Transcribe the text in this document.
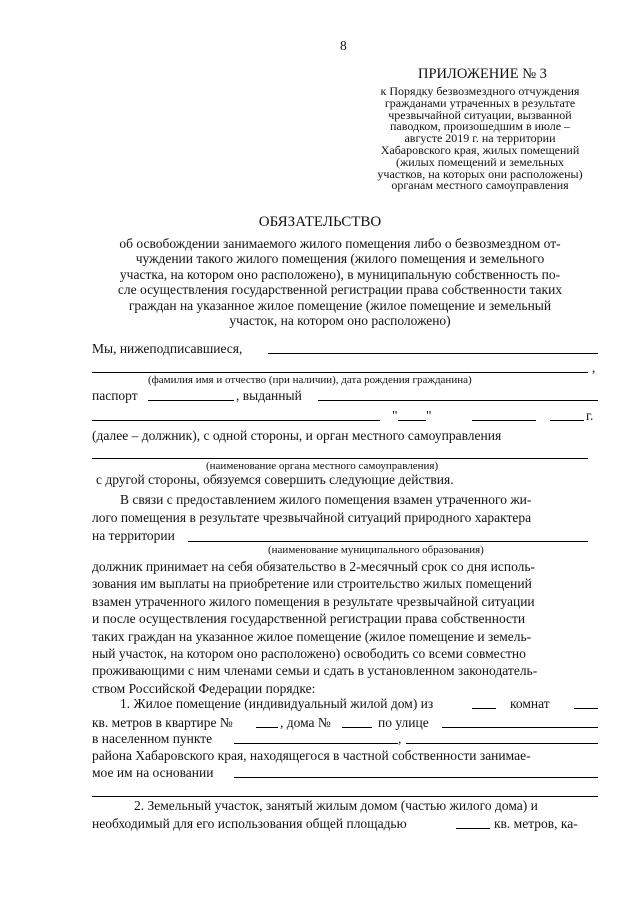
8
ПРИЛОЖЕНИЕ № 3
к Порядку безвозмездного отчуждения
гражданами утраченных в результате
чрезвычайной ситуации, вызванной
паводком, произошедшим в июле –
августе 2019 г. на территории
Хабаровского края, жилых помещений
(жилых помещений и земельных
участков, на которых они расположены)
органам местного самоуправления
ОБЯЗАТЕЛЬСТВО
об освобождении занимаемого жилого помещения либо о безвозмездном от-
чуждении такого жилого помещения (жилого помещения и земельного
участка, на котором оно расположено), в муниципальную собственность по-
сле осуществления государственной регистрации права собственности таких
граждан на указанное жилое помещение (жилое помещение и земельный
участок, на котором оно расположено)
Мы, нижеподписавшиеся,
,
(фамилия имя и отчество (при наличии), дата рождения гражданина)
паспорт	, выданный
" "	г.
(далее – должник), с одной стороны, и орган местного самоуправления
(наименование органа местного самоуправления)
с другой стороны, обязуемся совершить следующие действия.
В связи с предоставлением жилого помещения взамен утраченного жи-
лого помещения в результате чрезвычайной ситуаций природного характера
на территории
(наименование муниципального образования)
должник принимает на себя обязательство в 2-месячный срок со дня исполь-
зования им выплаты на приобретение или строительство жилых помещений
взамен утраченного жилого помещения в результате чрезвычайной ситуации
и после осуществления государственной регистрации права собственности
таких граждан на указанное жилое помещение (жилое помещение и земель-
ный участок, на котором оно расположено) освободить со всеми совместно
проживающими с ним членами семьи и сдать в установленном законодатель-
ством Российской Федерации порядке:
1. Жилое помещение (индивидуальный жилой дом) из	комнат
кв. метров в квартире №	, дома №	по улице
в населенном пункте	,
района Хабаровского края, находящегося в частной собственности занимае-
мое им на основании
2. Земельный участок, занятый жилым домом (частью жилого дома) и
необходимый для его использования общей площадью	кв. метров, ка-
